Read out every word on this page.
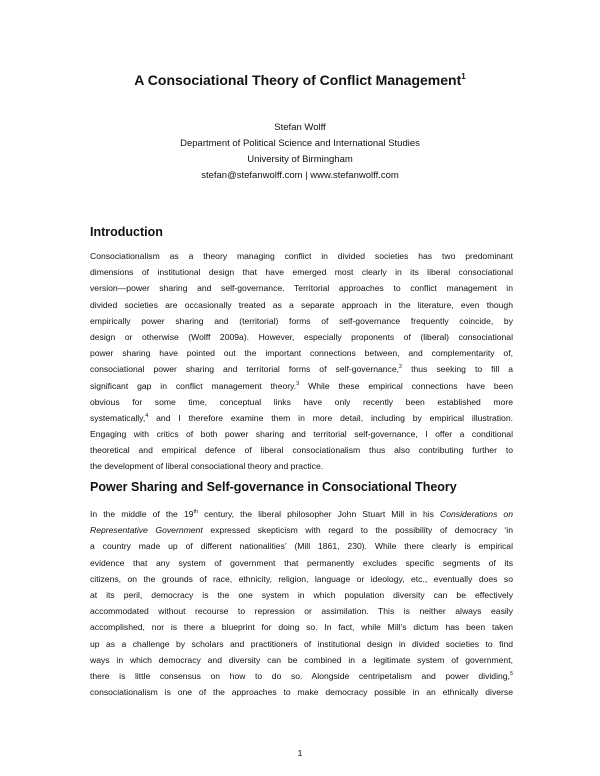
A Consociational Theory of Conflict Management$^1$
Stefan Wolff
Department of Political Science and International Studies
University of Birmingham
stefan@stefanwolff.com | www.stefanwolff.com
Introduction
Consociationalism as a theory managing conflict in divided societies has two predominant
dimensions of institutional design that have emerged most clearly in its liberal consociational
version—power sharing and self-governance. Territorial approaches to conflict management in
divided societies are occasionally treated as a separate approach in the literature, even though
empirically power sharing and (territorial) forms of self-governance frequently coincide, by
design or otherwise (Wolff 2009a). However, especially proponents of (liberal) consociational
power sharing have pointed out the important connections between, and complementarity of,
consociational power sharing and territorial forms of self-governance,$^2$ thus seeking to fill a
significant gap in conflict management theory.$^3$ While these empirical connections have been
obvious for some time, conceptual links have only recently been established more
systematically,$^4$ and I therefore examine them in more detail, including by empirical illustration.
Engaging with critics of both power sharing and territorial self-governance, I offer a conditional
theoretical and empirical defence of liberal consociationalism thus also contributing further to
the development of liberal consociational theory and practice.
Power Sharing and Self-governance in Consociational Theory
In the middle of the 19th century, the liberal philosopher John Stuart Mill in his Considerations on
Representative Government expressed skepticism with regard to the possibility of democracy ‘in
a country made up of different nationalities’ (Mill 1861, 230). While there clearly is empirical
evidence that any system of government that permanently excludes specific segments of its
citizens, on the grounds of race, ethnicity, religion, language or ideology, etc., eventually does so
at its peril, democracy is the one system in which population diversity can be effectively
accommodated without recourse to repression or assimilation. This is neither always easily
accomplished, nor is there a blueprint for doing so. In fact, while Mill’s dictum has been taken
up as a challenge by scholars and practitioners of institutional design in divided societies to find
ways in which democracy and diversity can be combined in a legitimate system of government,
there is little consensus on how to do so. Alongside centripetalism and power dividing,$^5$
consociationalism is one of the approaches to make democracy possible in an ethnically diverse
1
